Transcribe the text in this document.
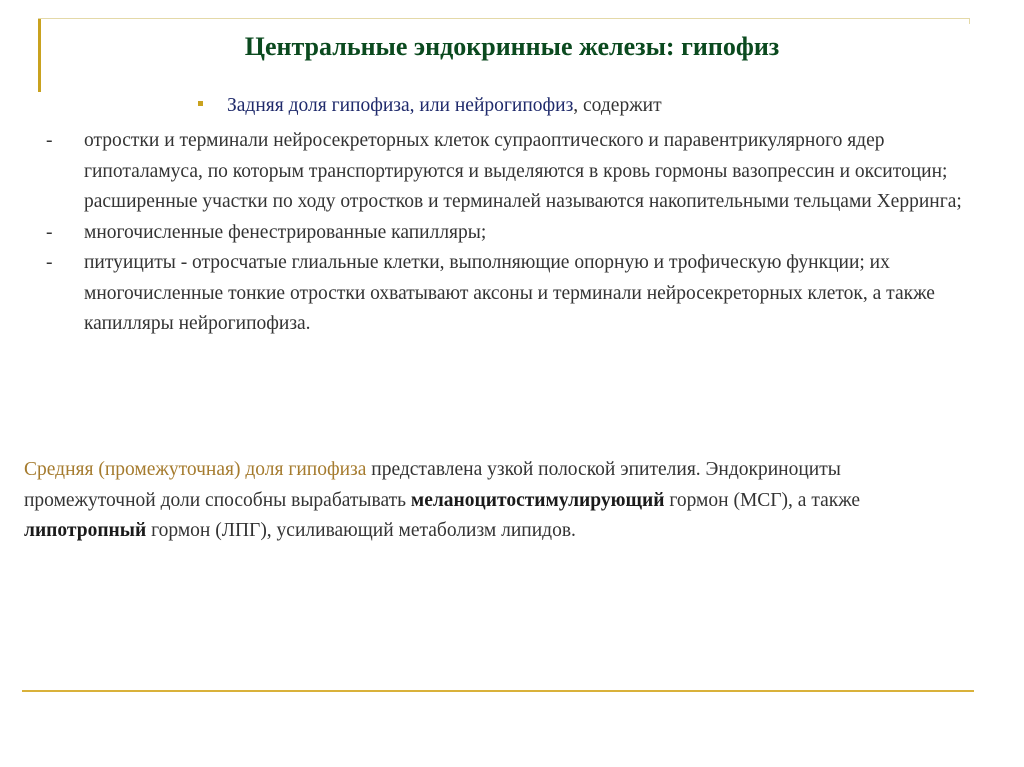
Центральные эндокринные железы: гипофиз
Задняя доля гипофиза, или нейрогипофиз, содержит
-	отростки и терминали нейросекреторных клеток супраоптического и паравентрикулярного ядер гипоталамуса, по которым транспортируются и выделяются в кровь гормоны вазопрессин и окситоцин; расширенные участки по ходу отростков и терминалей называются накопительными тельцами Херринга;
-	многочисленные фенестрированные капилляры;
-	питуициты - отросчатые глиальные клетки, выполняющие опорную и трофическую функции; их многочисленные тонкие отростки охватывают аксоны и терминали нейросекреторных клеток, а также капилляры нейрогипофиза.
Средняя (промежуточная) доля гипофиза представлена узкой полоской эпителия. Эндокриноциты промежуточной доли способны вырабатывать меланоцитостимулирующий гормон (МСГ), а также липотропный гормон (ЛПГ), усиливающий метаболизм липидов.
